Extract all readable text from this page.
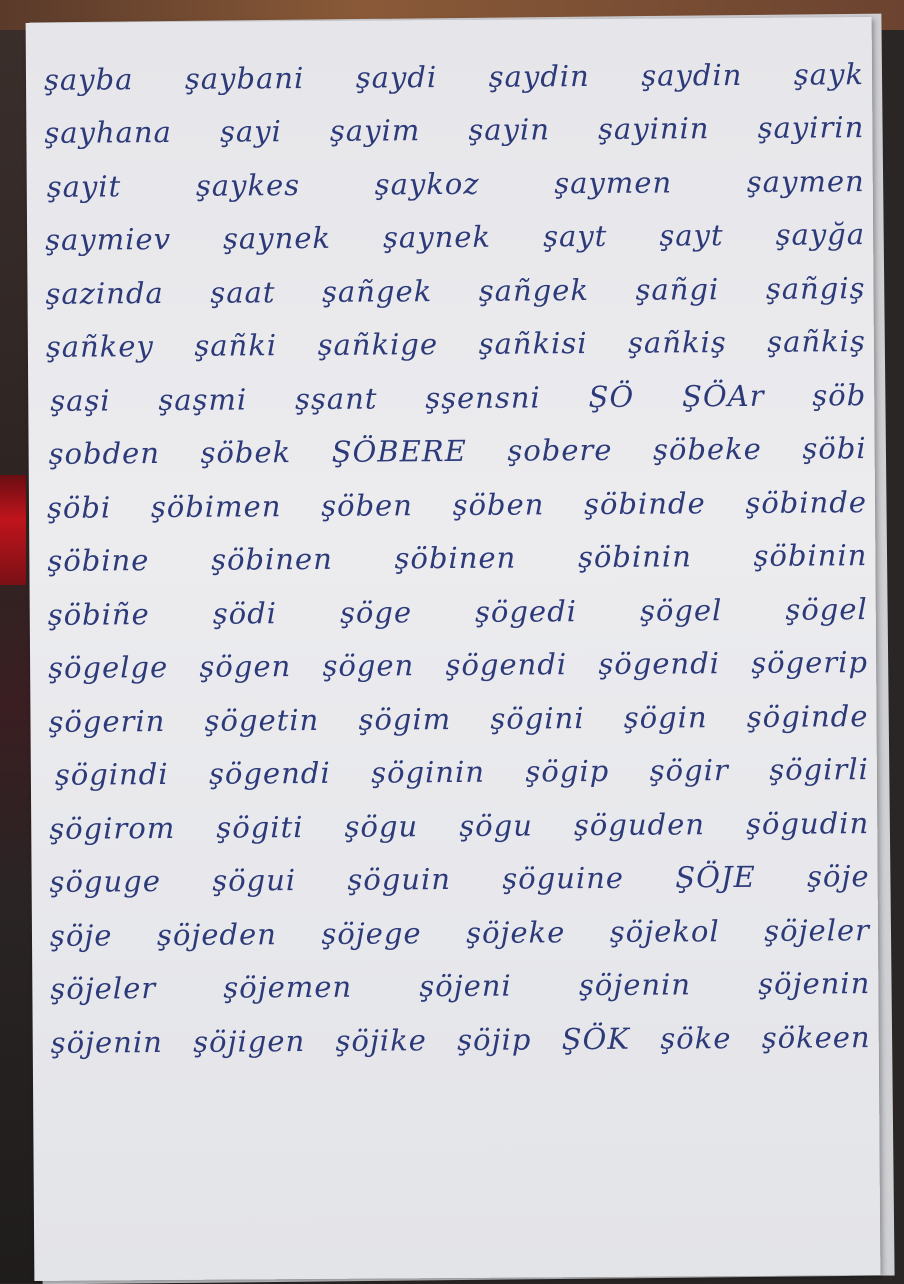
şayba şaybani şaydi şaydin şaydin şayk
şayhana şayi şayim şayin şayinin şayirin
şayit	şaykes	şaykoz	şaymen	şaymen
şaymiev şaynek şaynek şayt şayt şayğa
şazinda şaat şañgek şañgek şañgi şañgiş
şañkey şañki şañkige şañkisi şañkiş şañkiş
şaşi şaşmi şşant şşensni ŞÖ ŞÖAr şöb
şobden şöbek ŞÖBERE şobere şöbeke şöbi
şöbi şöbimen şöben şöben şöbinde şöbinde
şöbine şöbinen şöbinen şöbinin şöbinin
şöbiñe şödi şöge şögedi şögel şögel
şögelge şögen şögen şögendi şögendi şögerip
şögerin şögetin şögim şögini şögin şöginde
şögindi şögendi şöginin şögip şögir şögirli
şögirom şögiti şögu şögu şöguden şögudin
şöguge şögui şöguin şöguine ŞÖJE şöje
şöje şöjeden şöjege şöjeke şöjekol şöjeler
şöjeler şöjemen şöjeni şöjenin şöjenin
şöjenin şöjigen şöjike şöjip ŞÖK şöke şökeen
